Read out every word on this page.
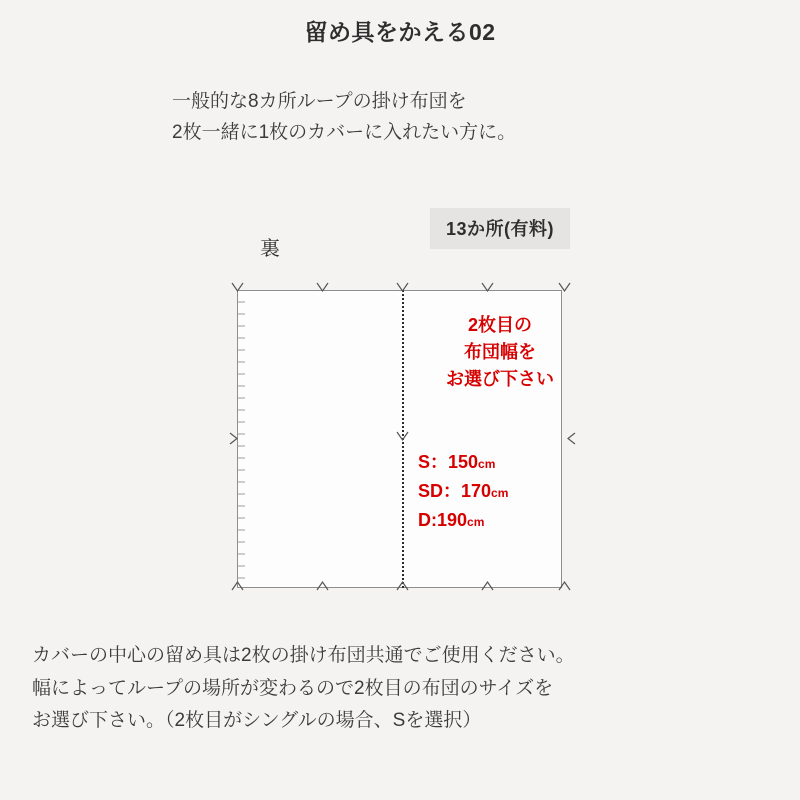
留め具をかえる02
一般的な8カ所ループの掛け布団を
2枚一緒に1枚のカバーに入れたい方に。
13か所(有料)
裏
2枚目の
布団幅を
お選び下さい
S：150cm
SD：170cm
D:190cm
カバーの中心の留め具は2枚の掛け布団共通でご使用ください。
幅によってループの場所が変わるので2枚目の布団のサイズを
お選び下さい。（2枚目がシングルの場合、Sを選択）
